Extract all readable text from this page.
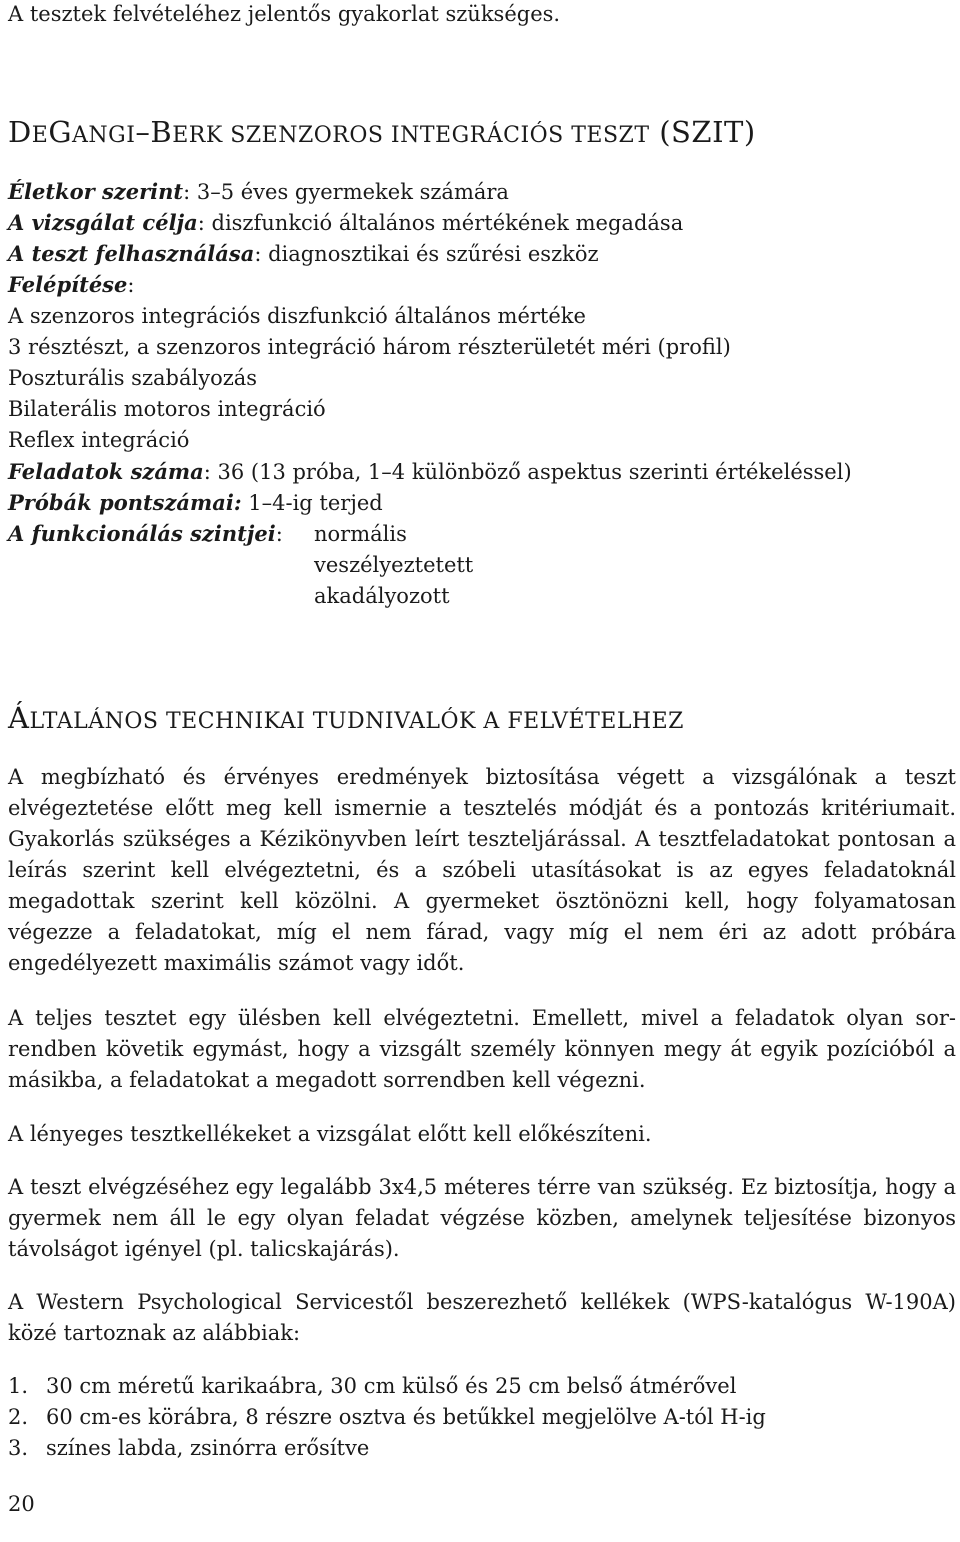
A tesztek felvételéhez jelentős gyakorlat szükséges.
DEGANGI–BERK SZENZOROS INTEGRÁCIÓS TESZT (SZIT)
Életkor szerint: 3–5 éves gyermekek számára
A vizsgálat célja: diszfunkció általános mértékének megadása
A teszt felhasználása: diagnosztikai és szűrési eszköz
Felépítése:
A szenzoros integrációs diszfunkció általános mértéke
3 résztészt, a szenzoros integráció három részterületét méri (profil)
Poszturális szabályozás
Bilaterális motoros integráció
Reflex integráció
Feladatok száma: 36 (13 próba, 1–4 különböző aspektus szerinti értékeléssel)
Próbák pontszámai: 1–4-ig terjed
A funkcionálás szintjei: normális
veszélyeztetett
akadályozott
ÁLTALÁNOS TECHNIKAI TUDNIVALÓK A FELVÉTELHEZ
A megbízható és érvényes eredmények biztosítása végett a vizsgálónak a teszt elvégeztetése előtt meg kell ismernie a tesztelés módját és a pontozás kritériumait. Gyakorlás szükséges a Kézikönyvben leírt teszteljárással. A tesztfeladatokat pontosan a leírás szerint kell elvégeztetni, és a szóbeli utasításokat is az egyes feladatoknál megadottak szerint kell közölni. A gyermeket ösztönözni kell, hogy folyamatosan végezze a feladatokat, míg el nem fárad, vagy míg el nem éri az adott próbára engedélyezett maximális számot vagy időt.
A teljes tesztet egy ülésben kell elvégeztetni. Emellett, mivel a feladatok olyan sorrendben követik egymást, hogy a vizsgált személy könnyen megy át egyik pozícióból a másikba, a feladatokat a megadott sorrendben kell végezni.
A lényeges tesztkellékeket a vizsgálat előtt kell előkészíteni.
A teszt elvégzéséhez egy legalább 3x4,5 méteres térre van szükség. Ez biztosítja, hogy a gyermek nem áll le egy olyan feladat végzése közben, amelynek teljesítése bizonyos távolságot igényel (pl. talicskajárás).
A Western Psychological Servicestől beszerezhető kellékek (WPS-katalógus W-190A) közé tartoznak az alábbiak:
1. 30 cm méretű karikaábra, 30 cm külső és 25 cm belső átmérővel
2. 60 cm-es körábra, 8 részre osztva és betűkkel megjelölve A-tól H-ig
3. színes labda, zsinórra erősítve
20
